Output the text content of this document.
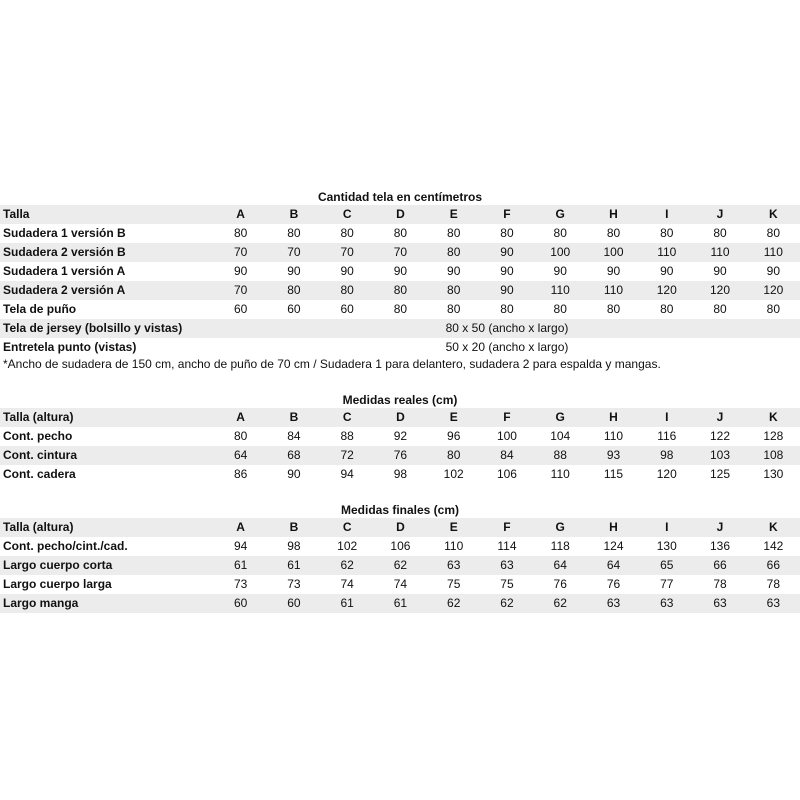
Cantidad tela en centímetros
Talla	A	B	C	D	E	F	G	H	I	J	K
Sudadera 1 versión B	80	80	80	80	80	80	80	80	80	80	80
Sudadera 2 versión B	70	70	70	70	80	90	100	100	110	110	110
Sudadera 1 versión A	90	90	90	90	90	90	90	90	90	90	90
Sudadera 2 versión A	70	80	80	80	80	90	110	110	120	120	120
Tela de puño	60	60	60	80	80	80	80	80	80	80	80
Tela de jersey (bolsillo y vistas)	80 x 50 (ancho x largo)										
Entretela punto (vistas)	50 x 20 (ancho x largo)										
*Ancho de sudadera de 150 cm, ancho de puño de 70 cm / Sudadera 1 para delantero, sudadera 2 para espalda y mangas.
Medidas reales (cm)
Talla (altura)	A	B	C	D	E	F	G	H	I	J	K
Cont. pecho	80	84	88	92	96	100	104	110	116	122	128
Cont. cintura	64	68	72	76	80	84	88	93	98	103	108
Cont. cadera	86	90	94	98	102	106	110	115	120	125	130
Medidas finales (cm)
Talla (altura)	A	B	C	D	E	F	G	H	I	J	K
Cont. pecho/cint./cad.	94	98	102	106	110	114	118	124	130	136	142
Largo cuerpo corta	61	61	62	62	63	63	64	64	65	66	66
Largo cuerpo larga	73	73	74	74	75	75	76	76	77	78	78
Largo manga	60	60	61	61	62	62	62	63	63	63	63
